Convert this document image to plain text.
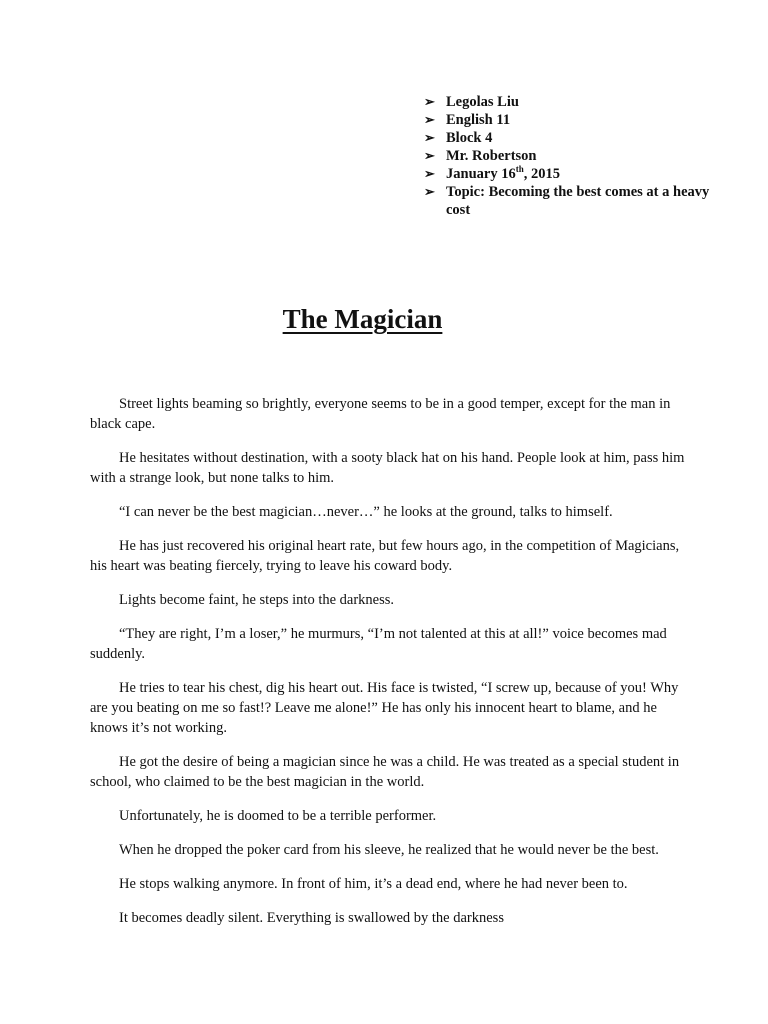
➢ Legolas Liu
➢ English 11
➢ Block 4
➢ Mr. Robertson
➢ January 16th, 2015
➢ Topic: Becoming the best comes at a heavy cost
The Magician

Street lights beaming so brightly, everyone seems to be in a good temper, except for the man in black cape.

He hesitates without destination, with a sooty black hat on his hand. People look at him, pass him with a strange look, but none talks to him.

“I can never be the best magician…never…” he looks at the ground, talks to himself.

He has just recovered his original heart rate, but few hours ago, in the competition of Magicians, his heart was beating fiercely, trying to leave his coward body.

Lights become faint, he steps into the darkness.

“They are right, I’m a loser,” he murmurs, “I’m not talented at this at all!” voice becomes mad suddenly.

He tries to tear his chest, dig his heart out. His face is twisted, “I screw up, because of you! Why are you beating on me so fast!? Leave me alone!” He has only his innocent heart to blame, and he knows it’s not working.

He got the desire of being a magician since he was a child. He was treated as a special student in school, who claimed to be the best magician in the world.

Unfortunately, he is doomed to be a terrible performer.

When he dropped the poker card from his sleeve, he realized that he would never be the best.

He stops walking anymore. In front of him, it’s a dead end, where he had never been to.

It becomes deadly silent. Everything is swallowed by the darkness
